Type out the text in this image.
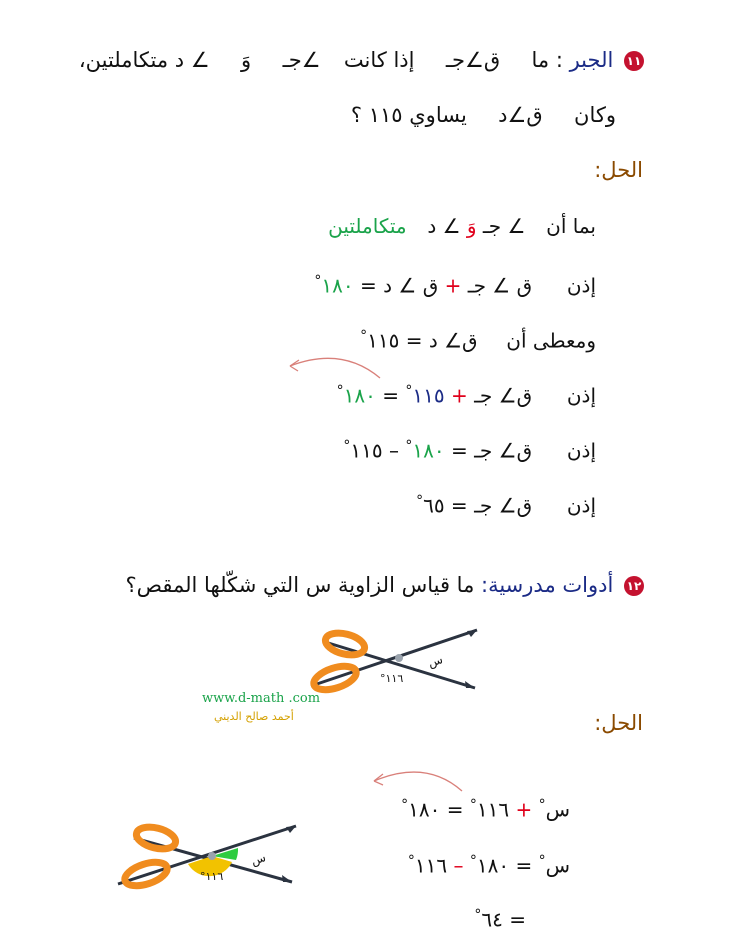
١١ الجبر : ما  ق∠جـ  إذا كانت  ∠جـ  وَ  ∠ د متكاملتين،
وكان  ق∠د  يساوي ١١٥ ؟
الحل:
بما أن  ∠ جـ وَ ∠ د  متكاملتين
إذن  ق ∠ جـ + ق ∠ د = ١٨٠°
ومعطى أن  ق∠ د = ١١٥°
إذن  ق∠ جـ + ١١٥° = ١٨٠°
إذن  ق∠ جـ = ١٨٠° – ١١٥°
إذن  ق∠ جـ = ٦٥°
١٢ أدوات مدرسية: ما قياس الزاوية س التي شكّلها المقص؟
س
١١٦°
www.d-math .com
أحمد صالح الديني	الحل:
س° + ١١٦° = ١٨٠°
س° = ١٨٠° – ١١٦°
= ٦٤°
س
١١٦°
